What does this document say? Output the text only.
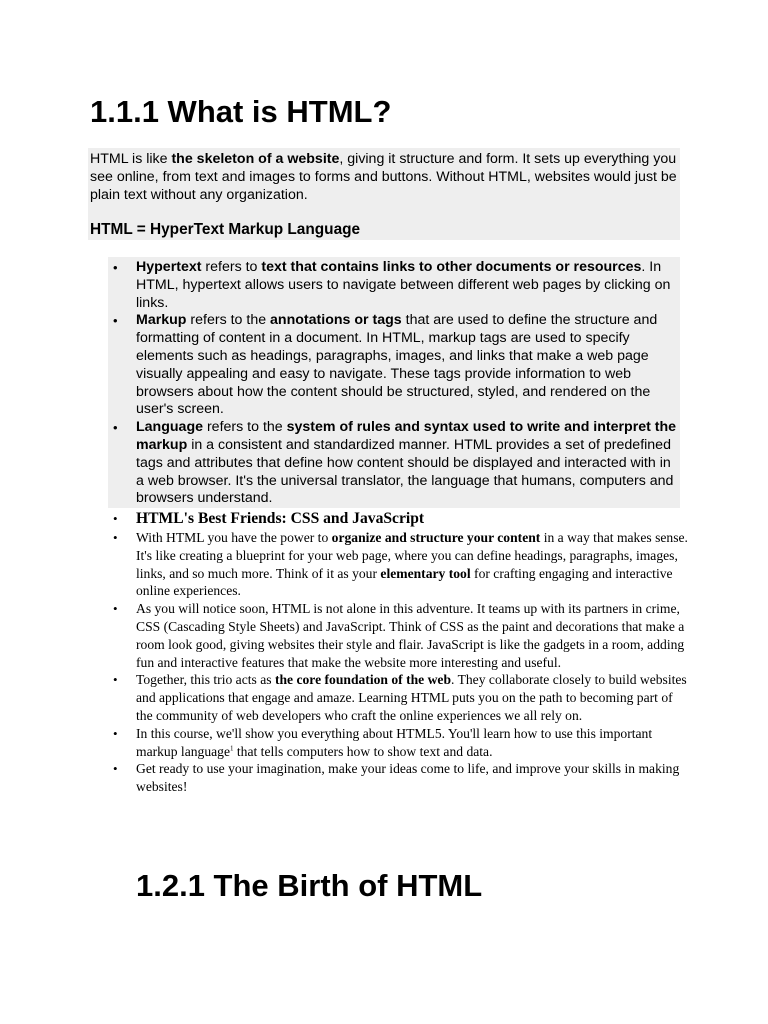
1.1.1 What is HTML?

HTML is like the skeleton of a website, giving it structure and form. It sets up everything you see online, from text and images to forms and buttons. Without HTML, websites would just be plain text without any organization.

HTML = HyperText Markup Language

• Hypertext refers to text that contains links to other documents or resources. In HTML, hypertext allows users to navigate between different web pages by clicking on links.
• Markup refers to the annotations or tags that are used to define the structure and formatting of content in a document. In HTML, markup tags are used to specify elements such as headings, paragraphs, images, and links that make a web page visually appealing and easy to navigate. These tags provide information to web browsers about how the content should be structured, styled, and rendered on the user's screen.
• Language refers to the system of rules and syntax used to write and interpret the markup in a consistent and standardized manner. HTML provides a set of predefined tags and attributes that define how content should be displayed and interacted with in a web browser. It's the universal translator, the language that humans, computers and browsers understand.
• HTML's Best Friends: CSS and JavaScript
• With HTML you have the power to organize and structure your content in a way that makes sense. It's like creating a blueprint for your web page, where you can define headings, paragraphs, images, links, and so much more. Think of it as your elementary tool for crafting engaging and interactive online experiences.
• As you will notice soon, HTML is not alone in this adventure. It teams up with its partners in crime, CSS (Cascading Style Sheets) and JavaScript. Think of CSS as the paint and decorations that make a room look good, giving websites their style and flair. JavaScript is like the gadgets in a room, adding fun and interactive features that make the website more interesting and useful.
• Together, this trio acts as the core foundation of the web. They collaborate closely to build websites and applications that engage and amaze. Learning HTML puts you on the path to becoming part of the community of web developers who craft the online experiences we all rely on.
• In this course, we'll show you everything about HTML5. You'll learn how to use this important markup language$^1$ that tells computers how to show text and data.
• Get ready to use your imagination, make your ideas come to life, and improve your skills in making websites!
1.2.1 The Birth of HTML
